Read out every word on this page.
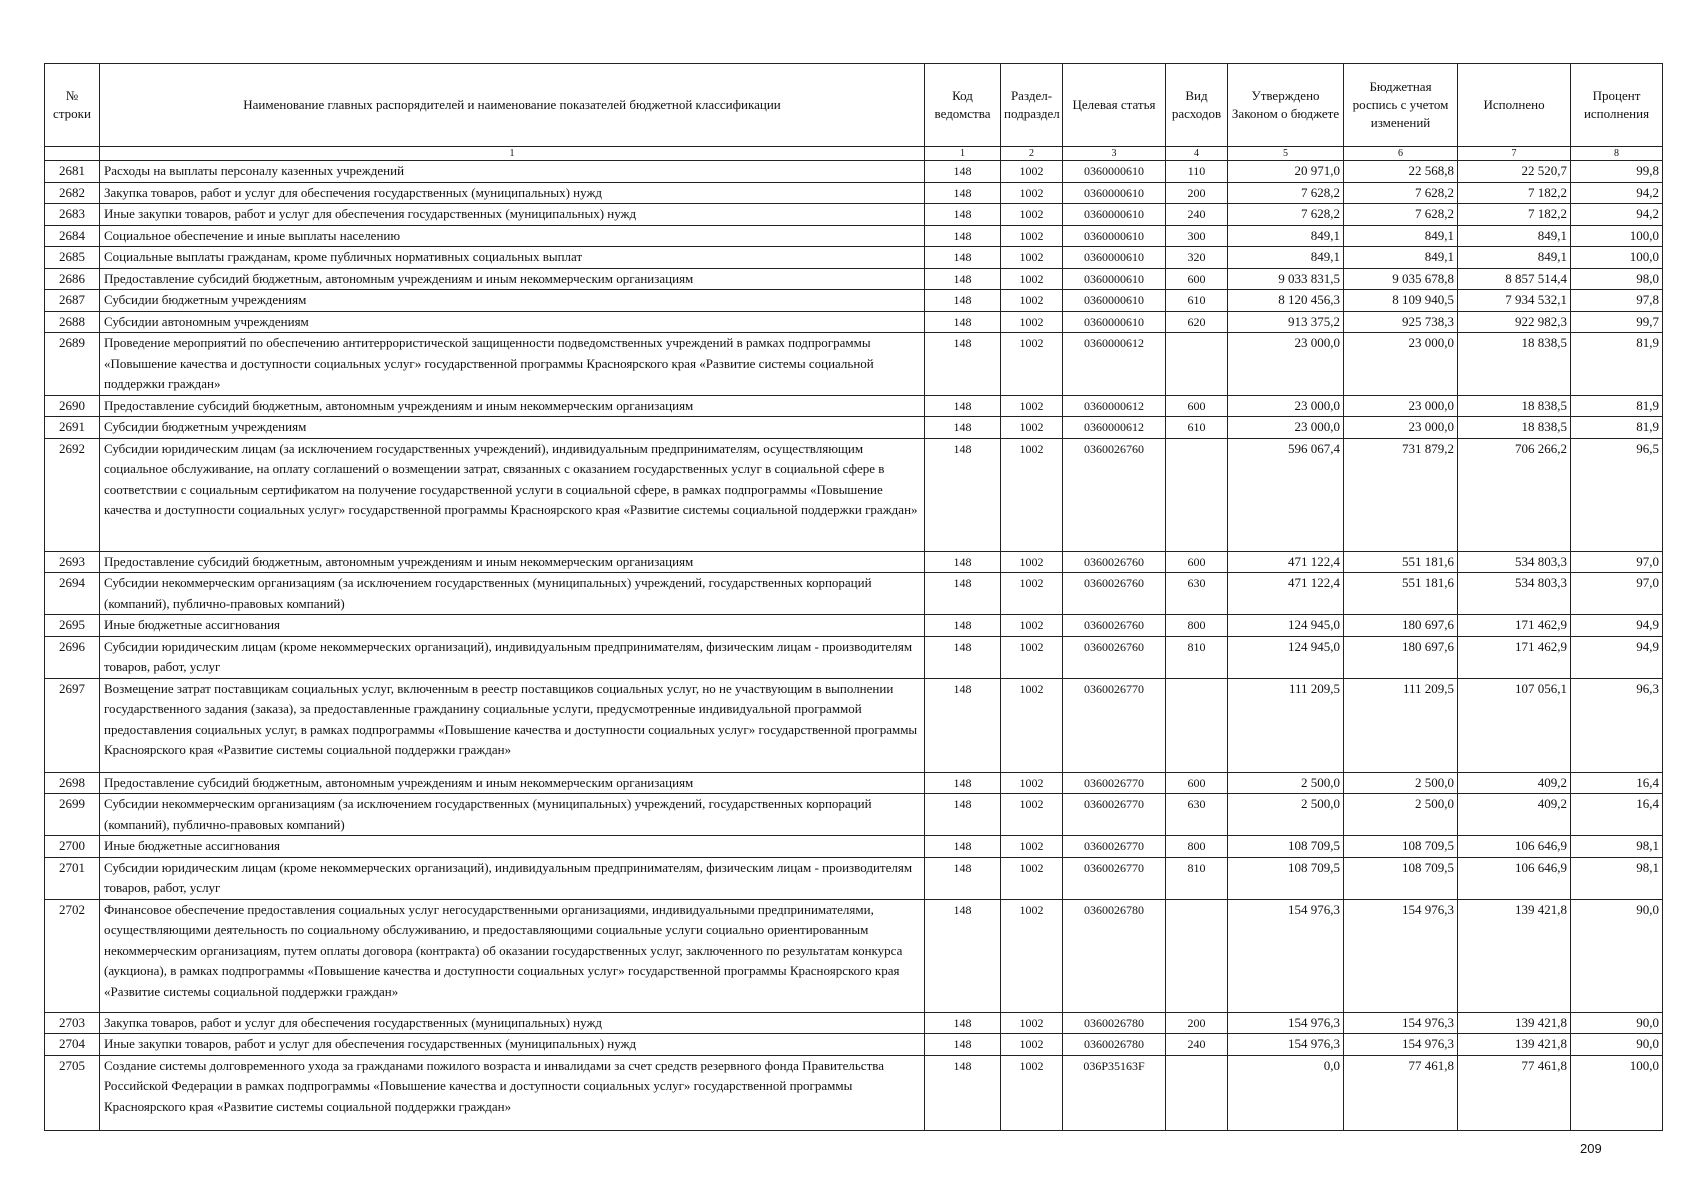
№ строки	Наименование главных распорядителей и наименование показателей бюджетной классификации	Код ведомства	Раздел-подраздел	Целевая статья	Вид расходов	Утверждено Законом о бюджете	Бюджетная роспись с учетом изменений	Исполнено	Процент исполнения
	1	1	2	3	4	5	6	7	8
2681	Расходы на выплаты персоналу казенных учреждений	148	1002	0360000610	110	20 971,0	22 568,8	22 520,7	99,8
2682	Закупка товаров, работ и услуг для обеспечения государственных (муниципальных) нужд	148	1002	0360000610	200	7 628,2	7 628,2	7 182,2	94,2
2683	Иные закупки товаров, работ и услуг для обеспечения государственных (муниципальных) нужд	148	1002	0360000610	240	7 628,2	7 628,2	7 182,2	94,2
2684	Социальное обеспечение и иные выплаты населению	148	1002	0360000610	300	849,1	849,1	849,1	100,0
2685	Социальные выплаты гражданам, кроме публичных нормативных социальных выплат	148	1002	0360000610	320	849,1	849,1	849,1	100,0
2686	Предоставление субсидий бюджетным, автономным учреждениям и иным некоммерческим организациям	148	1002	0360000610	600	9 033 831,5	9 035 678,8	8 857 514,4	98,0
2687	Субсидии бюджетным учреждениям	148	1002	0360000610	610	8 120 456,3	8 109 940,5	7 934 532,1	97,8
2688	Субсидии автономным учреждениям	148	1002	0360000610	620	913 375,2	925 738,3	922 982,3	99,7
2689	Проведение мероприятий по обеспечению антитеррористической защищенности подведомственных учреждений в рамках подпрограммы «Повышение качества и доступности социальных услуг» государственной программы Красноярского края «Развитие системы социальной поддержки граждан»	148	1002	0360000612		23 000,0	23 000,0	18 838,5	81,9
2690	Предоставление субсидий бюджетным, автономным учреждениям и иным некоммерческим организациям	148	1002	0360000612	600	23 000,0	23 000,0	18 838,5	81,9
2691	Субсидии бюджетным учреждениям	148	1002	0360000612	610	23 000,0	23 000,0	18 838,5	81,9
2692	Субсидии юридическим лицам (за исключением государственных учреждений), индивидуальным предпринимателям, осуществляющим социальное обслуживание, на оплату соглашений о возмещении затрат, связанных с оказанием государственных услуг в социальной сфере в соответствии с социальным сертификатом на получение государственной услуги в социальной сфере, в рамках подпрограммы «Повышение качества и доступности социальных услуг» государственной программы Красноярского края «Развитие системы социальной поддержки граждан»	148	1002	0360026760		596 067,4	731 879,2	706 266,2	96,5
2693	Предоставление субсидий бюджетным, автономным учреждениям и иным некоммерческим организациям	148	1002	0360026760	600	471 122,4	551 181,6	534 803,3	97,0
2694	Субсидии некоммерческим организациям (за исключением государственных (муниципальных) учреждений, государственных корпораций (компаний), публично-правовых компаний)	148	1002	0360026760	630	471 122,4	551 181,6	534 803,3	97,0
2695	Иные бюджетные ассигнования	148	1002	0360026760	800	124 945,0	180 697,6	171 462,9	94,9
2696	Субсидии юридическим лицам (кроме некоммерческих организаций), индивидуальным предпринимателям, физическим лицам - производителям товаров, работ, услуг	148	1002	0360026760	810	124 945,0	180 697,6	171 462,9	94,9
2697	Возмещение затрат поставщикам социальных услуг, включенным в реестр поставщиков социальных услуг, но не участвующим в выполнении государственного задания (заказа), за предоставленные гражданину социальные услуги, предусмотренные индивидуальной программой предоставления социальных услуг, в рамках подпрограммы «Повышение качества и доступности социальных услуг» государственной программы Красноярского края «Развитие системы социальной поддержки граждан»	148	1002	0360026770		111 209,5	111 209,5	107 056,1	96,3
2698	Предоставление субсидий бюджетным, автономным учреждениям и иным некоммерческим организациям	148	1002	0360026770	600	2 500,0	2 500,0	409,2	16,4
2699	Субсидии некоммерческим организациям (за исключением государственных (муниципальных) учреждений, государственных корпораций (компаний), публично-правовых компаний)	148	1002	0360026770	630	2 500,0	2 500,0	409,2	16,4
2700	Иные бюджетные ассигнования	148	1002	0360026770	800	108 709,5	108 709,5	106 646,9	98,1
2701	Субсидии юридическим лицам (кроме некоммерческих организаций), индивидуальным предпринимателям, физическим лицам - производителям товаров, работ, услуг	148	1002	0360026770	810	108 709,5	108 709,5	106 646,9	98,1
2702	Финансовое обеспечение предоставления социальных услуг негосударственными организациями, индивидуальными предпринимателями, осуществляющими деятельность по социальному обслуживанию, и предоставляющими социальные услуги социально ориентированным некоммерческим организациям, путем оплаты договора (контракта) об оказании государственных услуг, заключенного по результатам конкурса (аукциона), в рамках подпрограммы «Повышение качества и доступности социальных услуг» государственной программы Красноярского края «Развитие системы социальной поддержки граждан»	148	1002	0360026780		154 976,3	154 976,3	139 421,8	90,0
2703	Закупка товаров, работ и услуг для обеспечения государственных (муниципальных) нужд	148	1002	0360026780	200	154 976,3	154 976,3	139 421,8	90,0
2704	Иные закупки товаров, работ и услуг для обеспечения государственных (муниципальных) нужд	148	1002	0360026780	240	154 976,3	154 976,3	139 421,8	90,0
2705	Создание системы долговременного ухода за гражданами пожилого возраста и инвалидами за счет средств резервного фонда Правительства Российской Федерации в рамках подпрограммы «Повышение качества и доступности социальных услуг» государственной программы Красноярского края «Развитие системы социальной поддержки граждан»	148	1002	036P35163F		0,0	77 461,8	77 461,8	100,0
209
